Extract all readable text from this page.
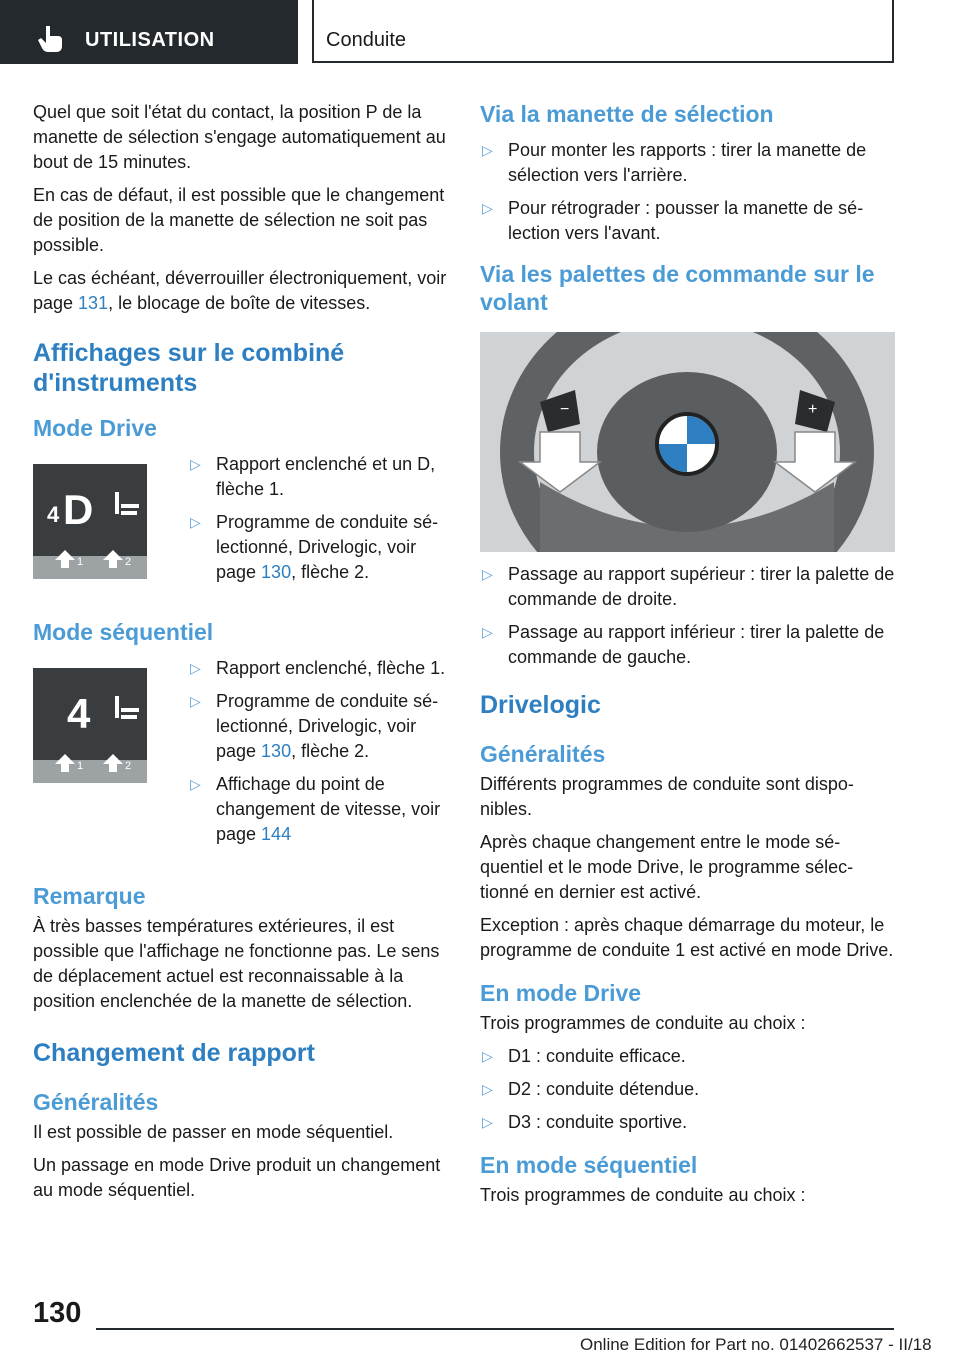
UTILISATION	Conduite

Quel que soit l'état du contact, la position P de la manette de sélection s'engage automatiquement au bout de 15 minutes.

En cas de défaut, il est possible que le changement de position de la manette de sélection ne soit pas possible.

Le cas échéant, déverrouiller électroniquement, voir page 131, le blocage de boîte de vitesses.

Affichages sur le combiné d'instruments
Mode Drive
4 D
1	2
▷ Rapport enclenché et un D, flèche 1.
▷ Programme de conduite sélectionné, Drivelogic, voir page 130, flèche 2.
Mode séquentiel
4
1	2
▷ Rapport enclenché, flèche 1.
▷ Programme de conduite sélectionné, Drivelogic, voir page 130, flèche 2.
▷ Affichage du point de changement de vitesse, voir page 144
Remarque

À très basses températures extérieures, il est possible que l'affichage ne fonctionne pas. Le sens de déplacement actuel est reconnaissable à la position enclenchée de la manette de sélection.

Changement de rapport
Généralités

Il est possible de passer en mode séquentiel.

Un passage en mode Drive produit un changement au mode séquentiel.

Via la manette de sélection
▷ Pour monter les rapports : tirer la manette de sélection vers l'arrière.
▷ Pour rétrograder : pousser la manette de sélection vers l'avant.
Via les palettes de commande sur le volant
−	+
▷ Passage au rapport supérieur : tirer la palette de commande de droite.
▷ Passage au rapport inférieur : tirer la palette de commande de gauche.
Drivelogic
Généralités

Différents programmes de conduite sont disponibles.

Après chaque changement entre le mode séquentiel et le mode Drive, le programme sélectionné en dernier est activé.

Exception : après chaque démarrage du moteur, le programme de conduite 1 est activé en mode Drive.

En mode Drive

Trois programmes de conduite au choix :

▷ D1 : conduite efficace.
▷ D2 : conduite détendue.
▷ D3 : conduite sportive.
En mode séquentiel

Trois programmes de conduite au choix :

130
Online Edition for Part no. 01402662537 - II/18
